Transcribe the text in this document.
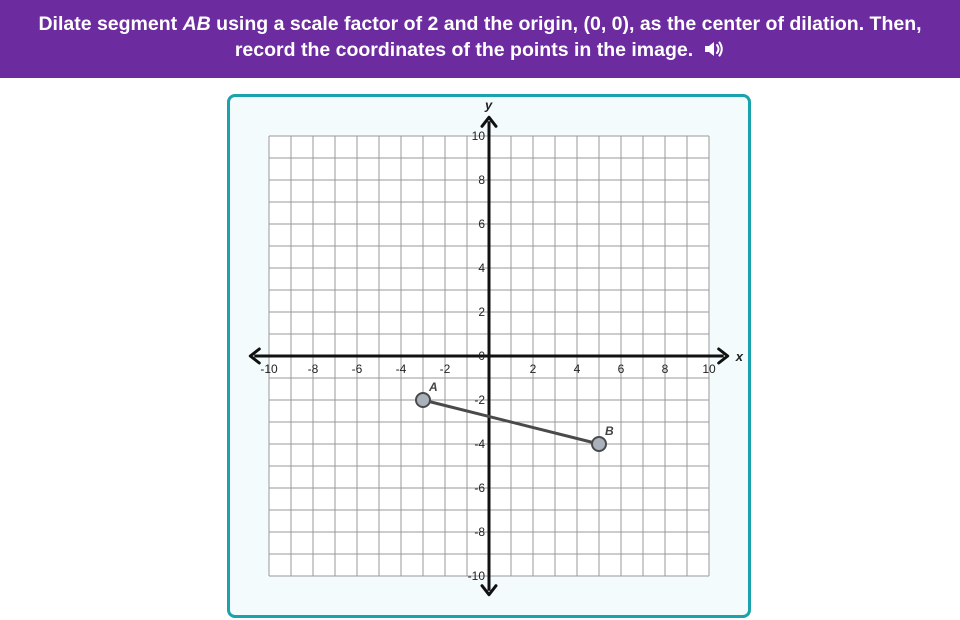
Dilate segment AB using a scale factor of 2 and the origin, (0, 0), as the center of dilation. Then,
record the coordinates of the points in the image.
x
y
-10 -8	-6	-4	-2	2	4	6	8	10
10
8
6
4
2
0
-2
-4
-6
-8
-10
A
B
